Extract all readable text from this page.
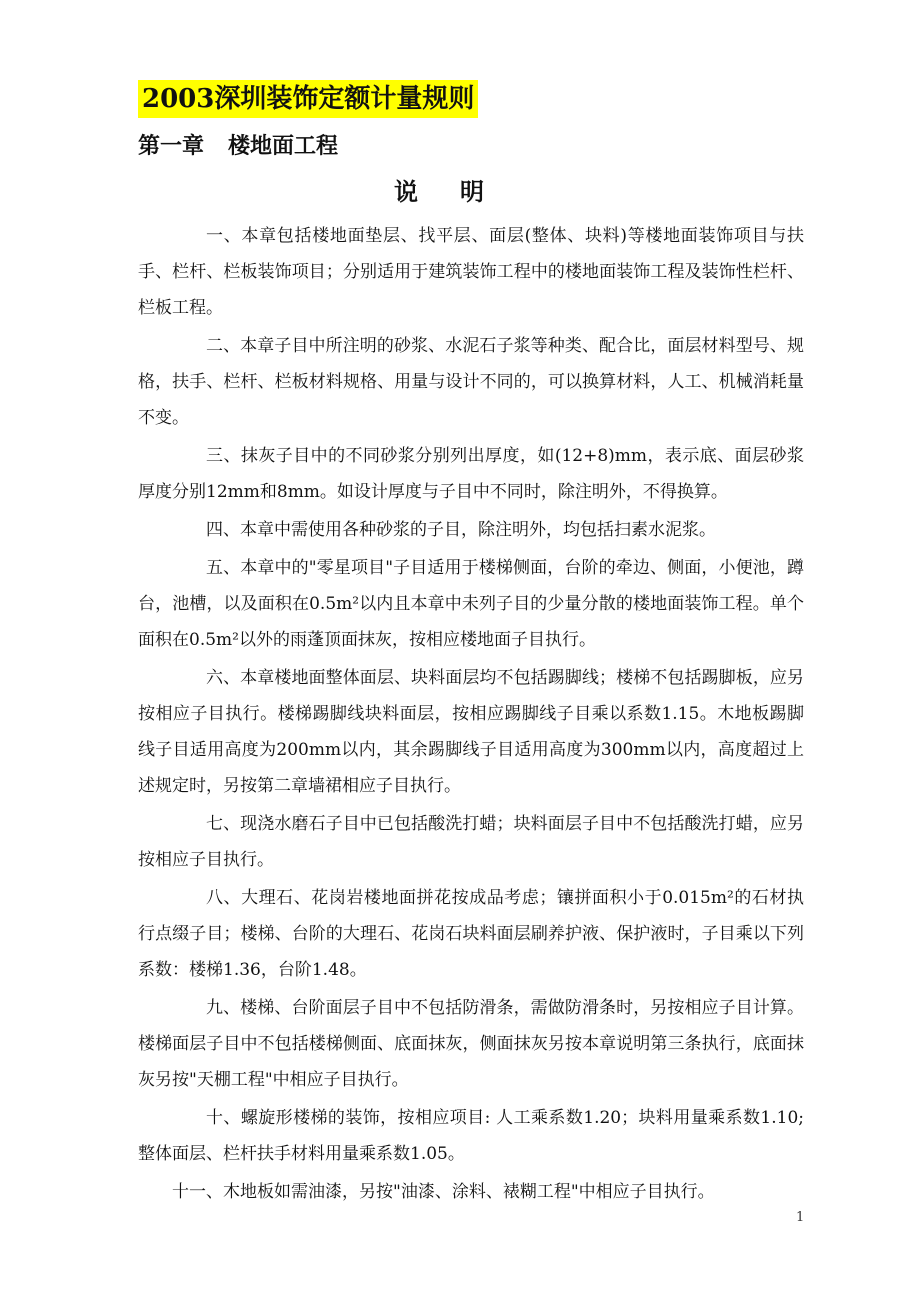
2003深圳装饰定额计量规则
第一章 楼地面工程
说明

一、本章包括楼地面垫层、找平层、面层(整体、块料)等楼地面装饰项目与扶手、栏杆、栏板装饰项目；分别适用于建筑装饰工程中的楼地面装饰工程及装饰性栏杆、栏板工程。

二、本章子目中所注明的砂浆、水泥石子浆等种类、配合比，面层材料型号、规格，扶手、栏杆、栏板材料规格、用量与设计不同的，可以换算材料，人工、机械消耗量不变。

三、抹灰子目中的不同砂浆分别列出厚度，如(12+8)mm，表示底、面层砂浆厚度分别12mm和8mm。如设计厚度与子目中不同时，除注明外，不得换算。

四、本章中需使用各种砂浆的子目，除注明外，均包括扫素水泥浆。

五、本章中的"零星项目"子目适用于楼梯侧面，台阶的牵边、侧面，小便池，蹲台，池槽，以及面积在0.5m²以内且本章中未列子目的少量分散的楼地面装饰工程。单个面积在0.5m²以外的雨蓬顶面抹灰，按相应楼地面子目执行。

六、本章楼地面整体面层、块料面层均不包括踢脚线；楼梯不包括踢脚板，应另按相应子目执行。楼梯踢脚线块料面层，按相应踢脚线子目乘以系数1.15。木地板踢脚线子目适用高度为200mm以内，其余踢脚线子目适用高度为300mm以内，高度超过上述规定时，另按第二章墙裙相应子目执行。

七、现浇水磨石子目中已包括酸洗打蜡；块料面层子目中不包括酸洗打蜡，应另按相应子目执行。

八、大理石、花岗岩楼地面拼花按成品考虑；镶拼面积小于0.015m²的石材执行点缀子目；楼梯、台阶的大理石、花岗石块料面层刷养护液、保护液时，子目乘以下列系数：楼梯1.36，台阶1.48。

九、楼梯、台阶面层子目中不包括防滑条，需做防滑条时，另按相应子目计算。楼梯面层子目中不包括楼梯侧面、底面抹灰，侧面抹灰另按本章说明第三条执行，底面抹灰另按"天棚工程"中相应子目执行。

十、螺旋形楼梯的装饰，按相应项目: 人工乘系数1.20；块料用量乘系数1.10;整体面层、栏杆扶手材料用量乘系数1.05。

十一、木地板如需油漆，另按"油漆、涂料、裱糊工程"中相应子目执行。

1
